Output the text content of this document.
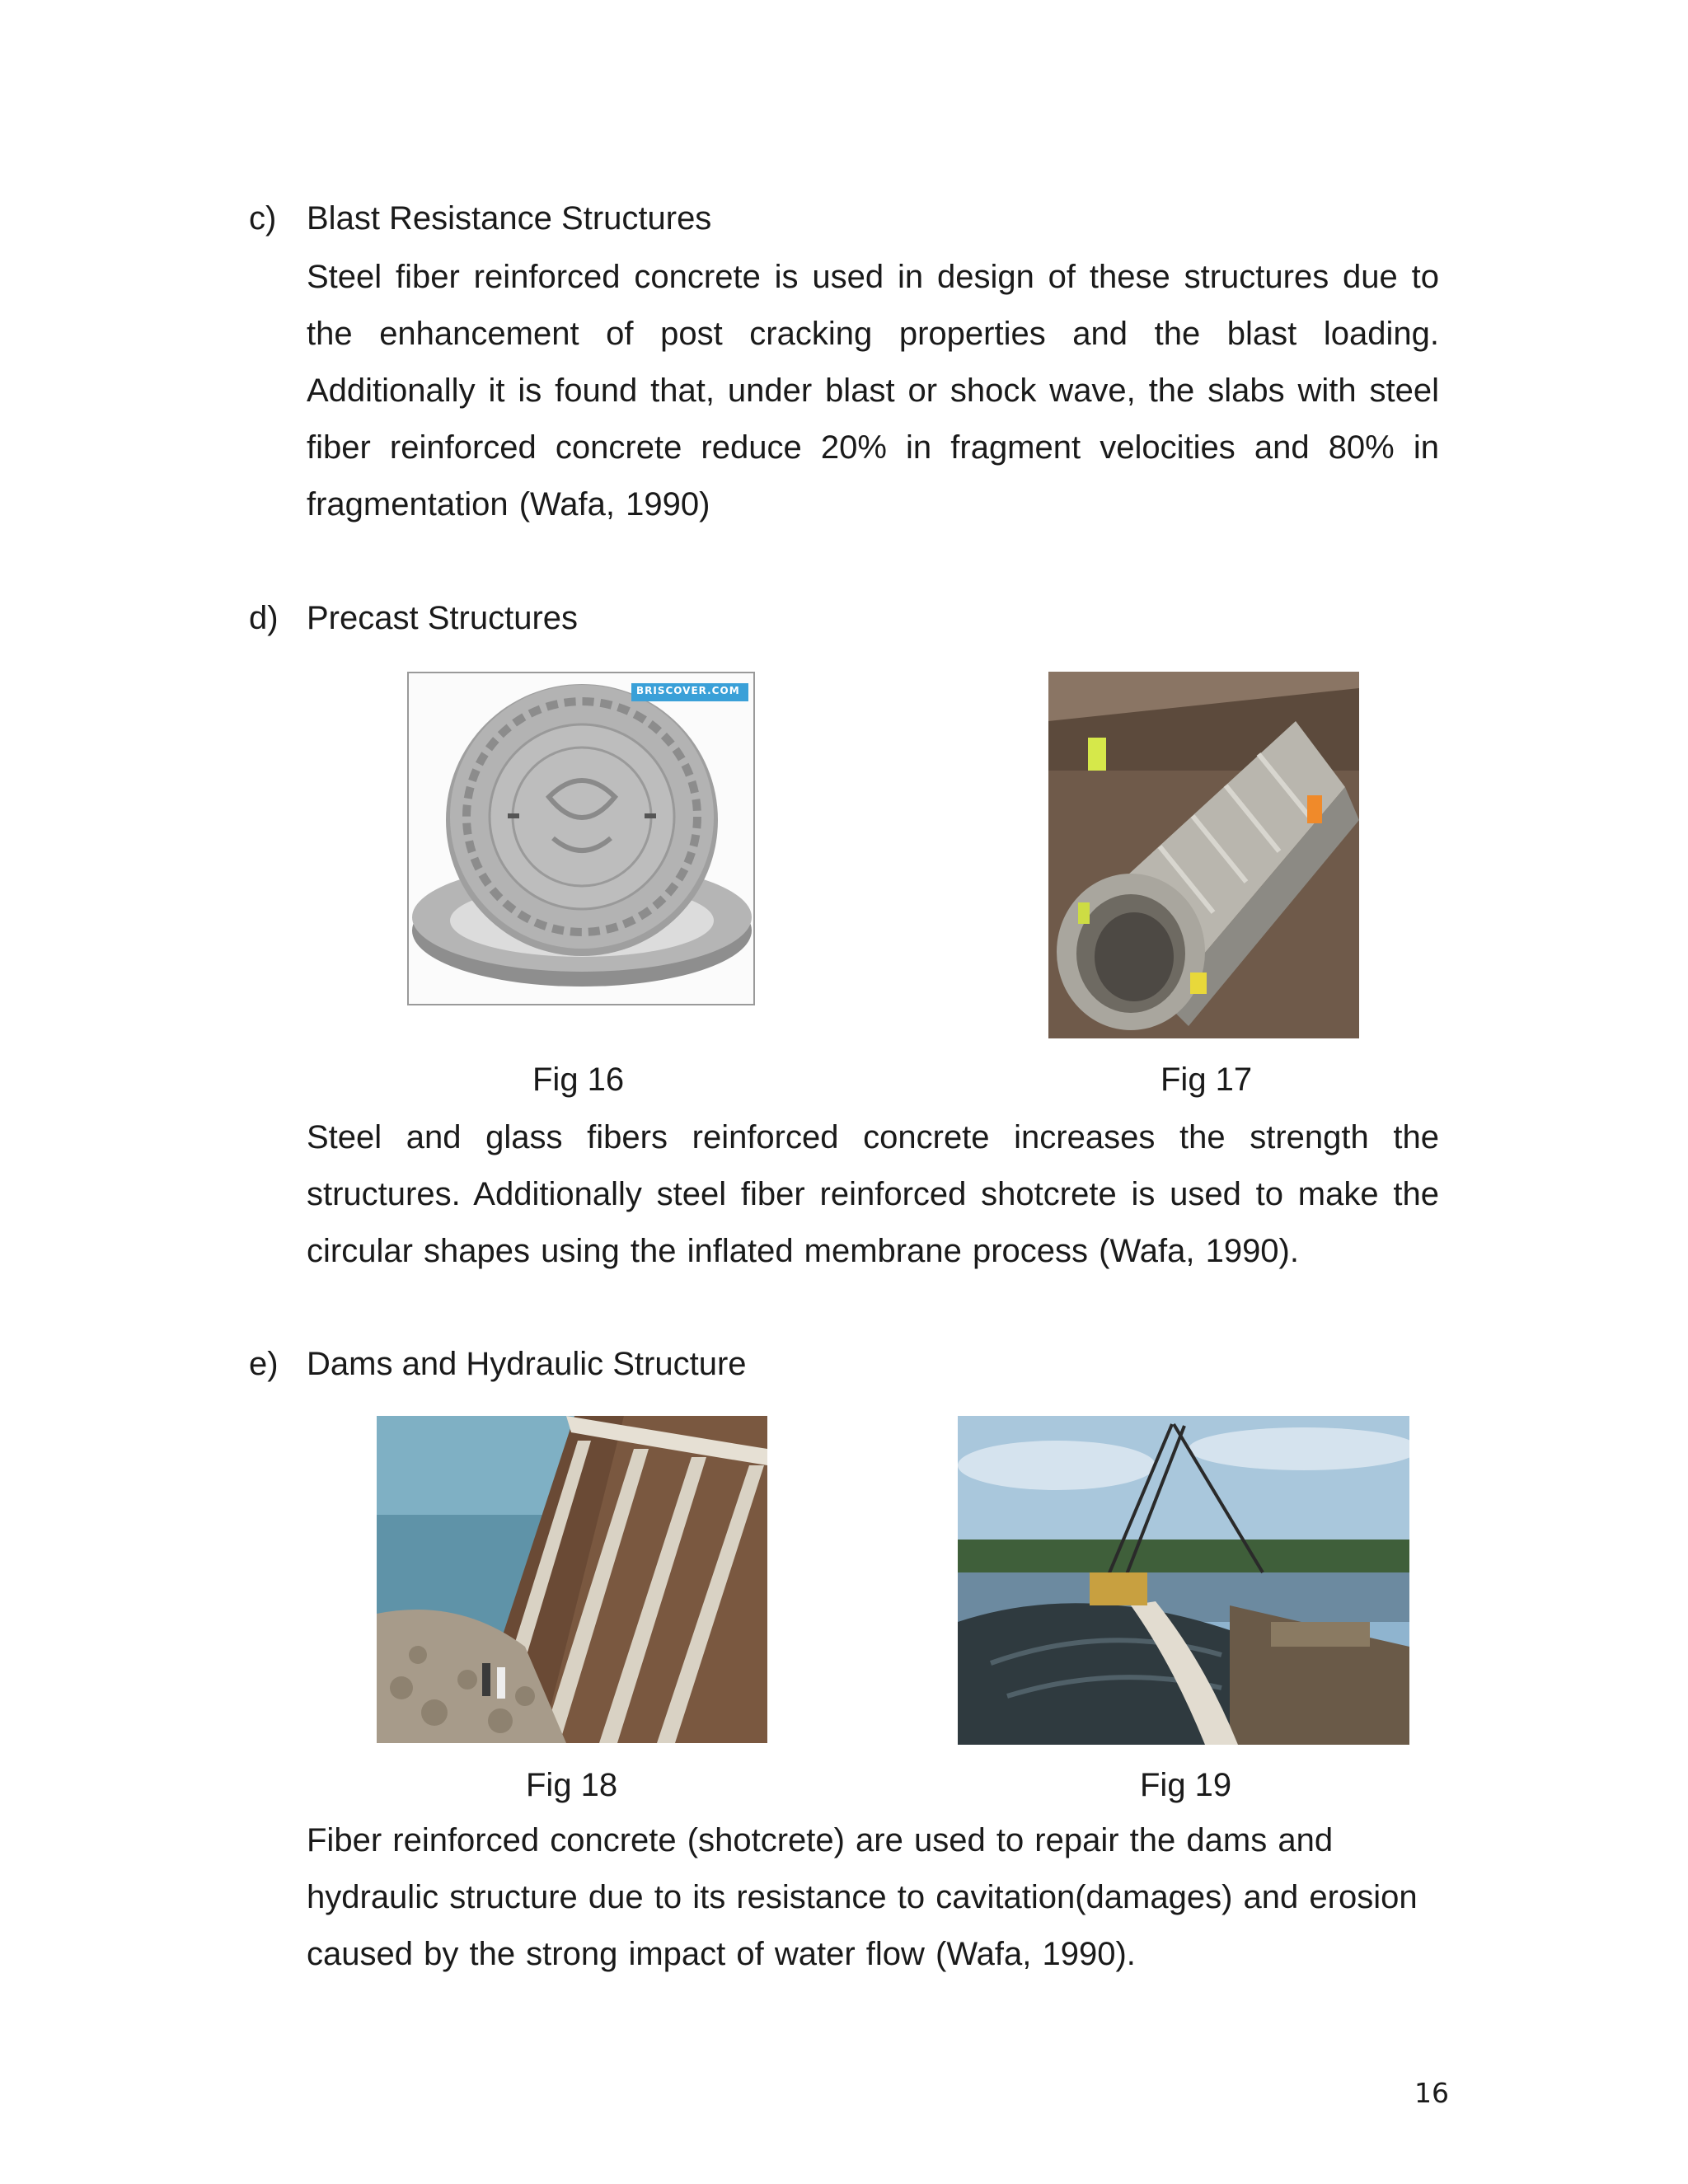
c) Blast Resistance Structures
Steel fiber reinforced concrete is used in design of these structures due to the enhancement of post cracking properties and the blast loading. Additionally it is found that, under blast or shock wave, the slabs with steel fiber reinforced concrete reduce 20% in fragment velocities and 80% in fragmentation (Wafa, 1990)
d) Precast Structures
BRISCOVER.COM
Fig 16	Fig 17
Steel and glass fibers reinforced concrete increases the strength the structures. Additionally steel fiber reinforced shotcrete is used to make the circular shapes using the inflated membrane process (Wafa, 1990).
e) Dams and Hydraulic Structure
Fig 18	Fig 19
Fiber reinforced concrete (shotcrete) are used to repair the dams and hydraulic structure due to its resistance to cavitation(damages) and erosion caused by the strong impact of water flow (Wafa, 1990).
16
